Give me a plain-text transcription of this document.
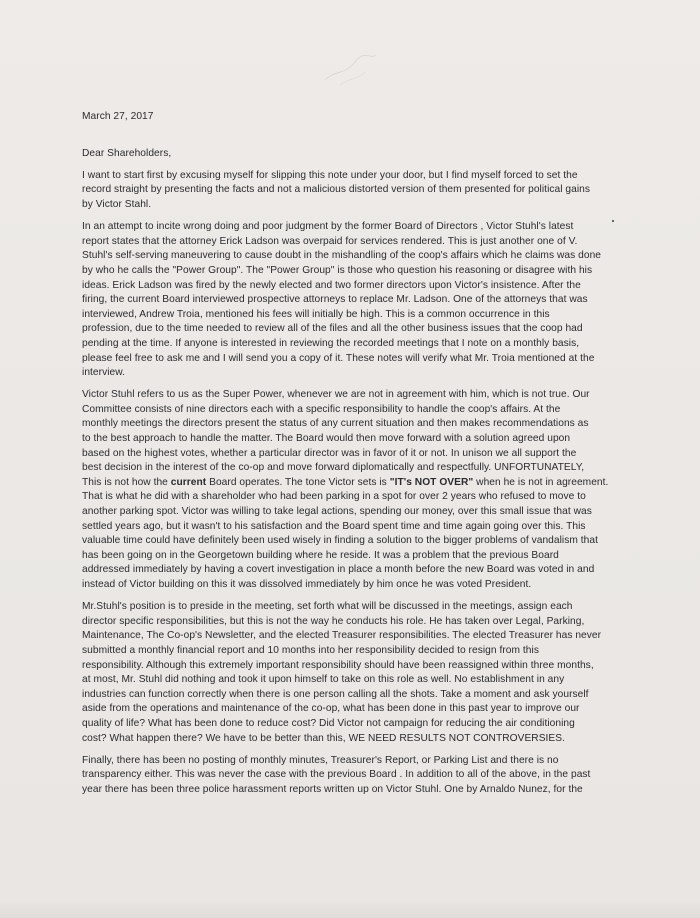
March 27, 2017
Dear Shareholders,
I want to start first by excusing myself for slipping this note under your door, but I find myself forced to set the
record straight by presenting the facts and not a malicious distorted version of them presented for political gains
by Victor Stahl.
In an attempt to incite wrong doing and poor judgment by the former Board of Directors , Victor Stuhl's latest
report states that the attorney Erick Ladson was overpaid for services rendered. This is just another one of V.
Stuhl's self-serving maneuvering to cause doubt in the mishandling of the coop's affairs which he claims was done
by who he calls the "Power Group". The "Power Group" is those who question his reasoning or disagree with his
ideas. Erick Ladson was fired by the newly elected and two former directors upon Victor's insistence. After the
firing, the current Board interviewed prospective attorneys to replace Mr. Ladson. One of the attorneys that was
interviewed, Andrew Troia, mentioned his fees will initially be high. This is a common occurrence in this
profession, due to the time needed to review all of the files and all the other business issues that the coop had
pending at the time. If anyone is interested in reviewing the recorded meetings that I note on a monthly basis,
please feel free to ask me and I will send you a copy of it. These notes will verify what Mr. Troia mentioned at the
interview.
Victor Stuhl refers to us as the Super Power, whenever we are not in agreement with him, which is not true. Our
Committee consists of nine directors each with a specific responsibility to handle the coop's affairs. At the
monthly meetings the directors present the status of any current situation and then makes recommendations as
to the best approach to handle the matter. The Board would then move forward with a solution agreed upon
based on the highest votes, whether a particular director was in favor of it or not. In unison we all support the
best decision in the interest of the co-op and move forward diplomatically and respectfully. UNFORTUNATELY,
This is not how the current Board operates. The tone Victor sets is "IT's NOT OVER" when he is not in agreement.
That is what he did with a shareholder who had been parking in a spot for over 2 years who refused to move to
another parking spot. Victor was willing to take legal actions, spending our money, over this small issue that was
settled years ago, but it wasn't to his satisfaction and the Board spent time and time again going over this. This
valuable time could have definitely been used wisely in finding a solution to the bigger problems of vandalism that
has been going on in the Georgetown building where he reside. It was a problem that the previous Board
addressed immediately by having a covert investigation in place a month before the new Board was voted in and
instead of Victor building on this it was dissolved immediately by him once he was voted President.
Mr.Stuhl's position is to preside in the meeting, set forth what will be discussed in the meetings, assign each
director specific responsibilities, but this is not the way he conducts his role. He has taken over Legal, Parking,
Maintenance, The Co-op's Newsletter, and the elected Treasurer responsibilities. The elected Treasurer has never
submitted a monthly financial report and 10 months into her responsibility decided to resign from this
responsibility. Although this extremely important responsibility should have been reassigned within three months,
at most, Mr. Stuhl did nothing and took it upon himself to take on this role as well. No establishment in any
industries can function correctly when there is one person calling all the shots. Take a moment and ask yourself
aside from the operations and maintenance of the co-op, what has been done in this past year to improve our
quality of life? What has been done to reduce cost? Did Victor not campaign for reducing the air conditioning
cost? What happen there? We have to be better than this, WE NEED RESULTS NOT CONTROVERSIES.
Finally, there has been no posting of monthly minutes, Treasurer's Report, or Parking List and there is no
transparency either. This was never the case with the previous Board . In addition to all of the above, in the past
year there has been three police harassment reports written up on Victor Stuhl. One by Arnaldo Nunez, for the
